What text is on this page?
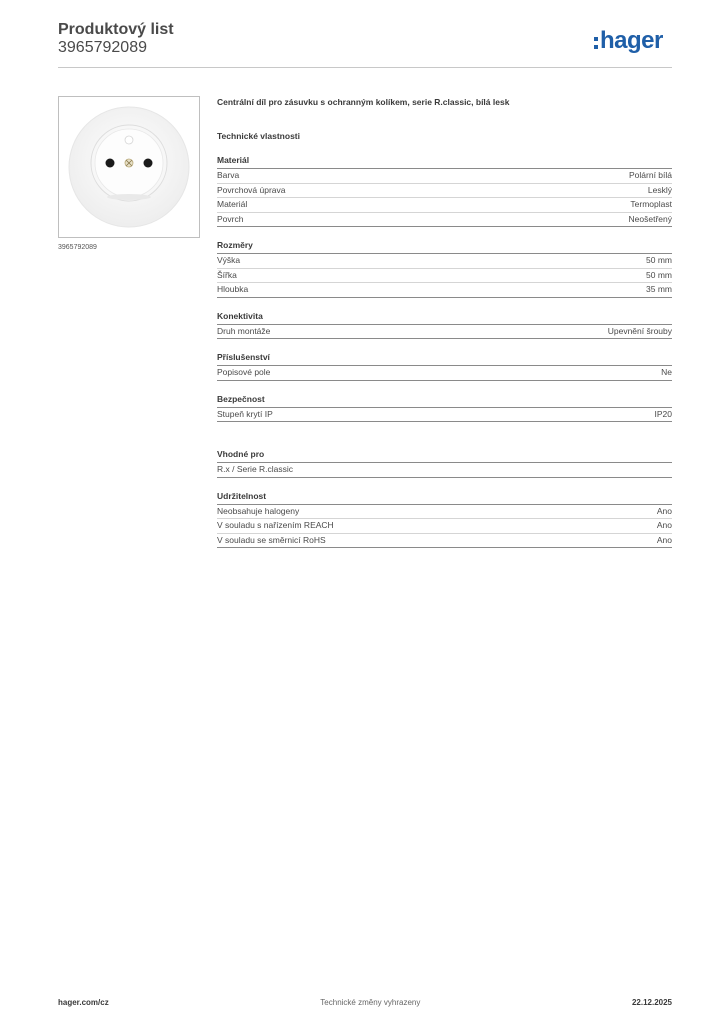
Produktový list
3965792089	hager
3965792089
Centrální díl pro zásuvku s ochranným kolíkem, serie R.classic, bílá lesk
Technické vlastnosti
Materiál
Barva	Polární bílá
Povrchová úprava	Lesklý
Materiál	Termoplast
Povrch	Neošetřený
Rozměry
Výška	50 mm
Šířka	50 mm
Hloubka	35 mm
Konektivita
Druh montáže	Upevnění šrouby
Příslušenství
Popisové pole	Ne
Bezpečnost
Stupeň krytí IP	IP20
Vhodné pro
R.x / Serie R.classic
Udržitelnost
Neobsahuje halogeny	Ano
V souladu s nařízením REACH	Ano
V souladu se směrnicí RoHS	Ano
hager.com/cz	Technické změny vyhrazeny	22.12.2025
